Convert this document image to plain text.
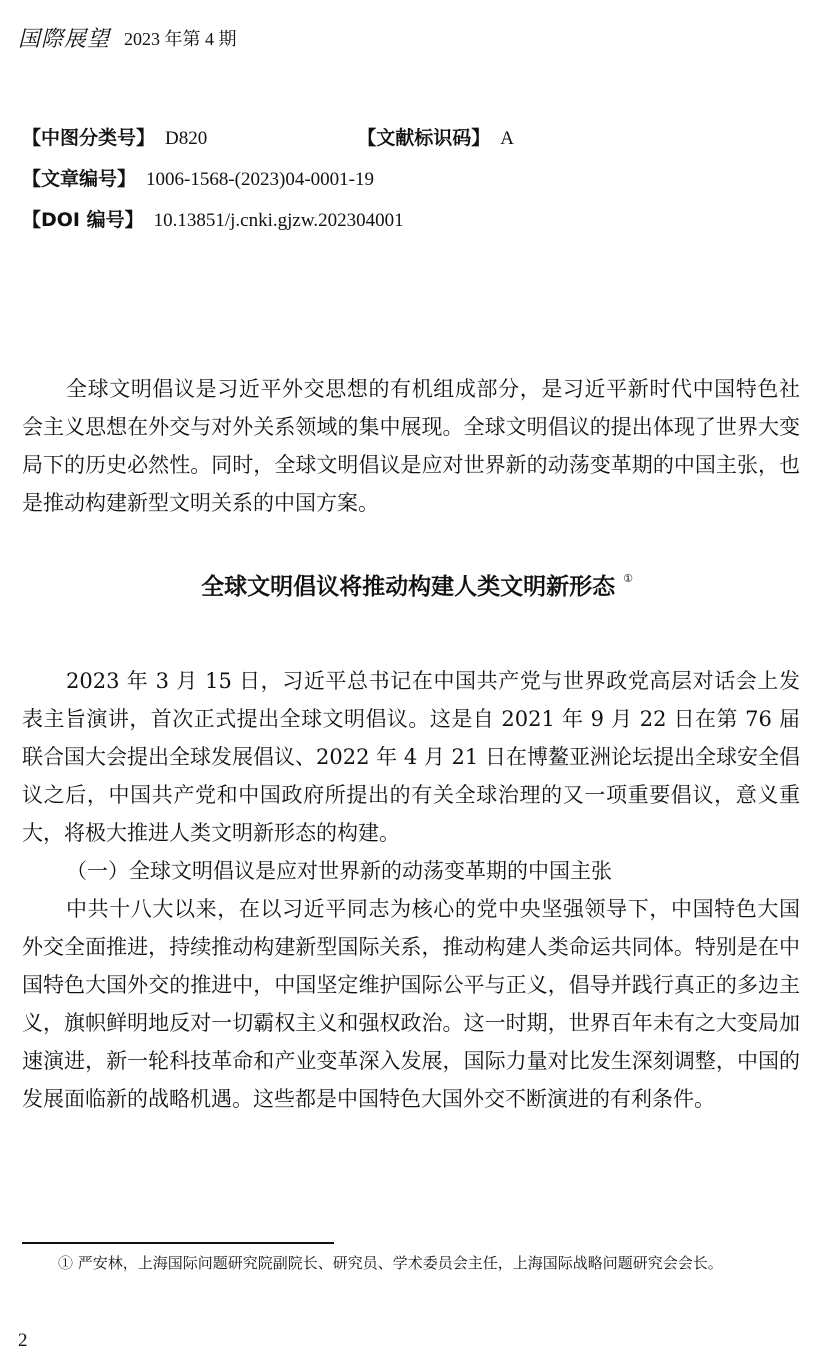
国際展望 2023 年第 4 期
【中图分类号】 D820	【文献标识码】 A
【文章编号】 1006-1568-(2023)04-0001-19
【DOI 编号】 10.13851/j.cnki.gjzw.202304001

全球文明倡议是习近平外交思想的有机组成部分，是习近平新时代中国特色社会主义思想在外交与对外关系领域的集中展现。全球文明倡议的提出体现了世界大变局下的历史必然性。同时，全球文明倡议是应对世界新的动荡变革期的中国主张，也是推动构建新型文明关系的中国方案。

全球文明倡议将推动构建人类文明新形态 ①

2023 年 3 月 15 日，习近平总书记在中国共产党与世界政党高层对话会上发表主旨演讲，首次正式提出全球文明倡议。这是自 2021 年 9 月 22 日在第 76 届联合国大会提出全球发展倡议、2022 年 4 月 21 日在博鳌亚洲论坛提出全球安全倡议之后，中国共产党和中国政府所提出的有关全球治理的又一项重要倡议，意义重大，将极大推进人类文明新形态的构建。

（一）全球文明倡议是应对世界新的动荡变革期的中国主张

中共十八大以来，在以习近平同志为核心的党中央坚强领导下，中国特色大国外交全面推进，持续推动构建新型国际关系，推动构建人类命运共同体。特别是在中国特色大国外交的推进中，中国坚定维护国际公平与正义，倡导并践行真正的多边主义，旗帜鲜明地反对一切霸权主义和强权政治。这一时期，世界百年未有之大变局加速演进，新一轮科技革命和产业变革深入发展，国际力量对比发生深刻调整，中国的发展面临新的战略机遇。这些都是中国特色大国外交不断演进的有利条件。

① 严安林，上海国际问题研究院副院长、研究员、学术委员会主任，上海国际战略问题研究会会长。
2
